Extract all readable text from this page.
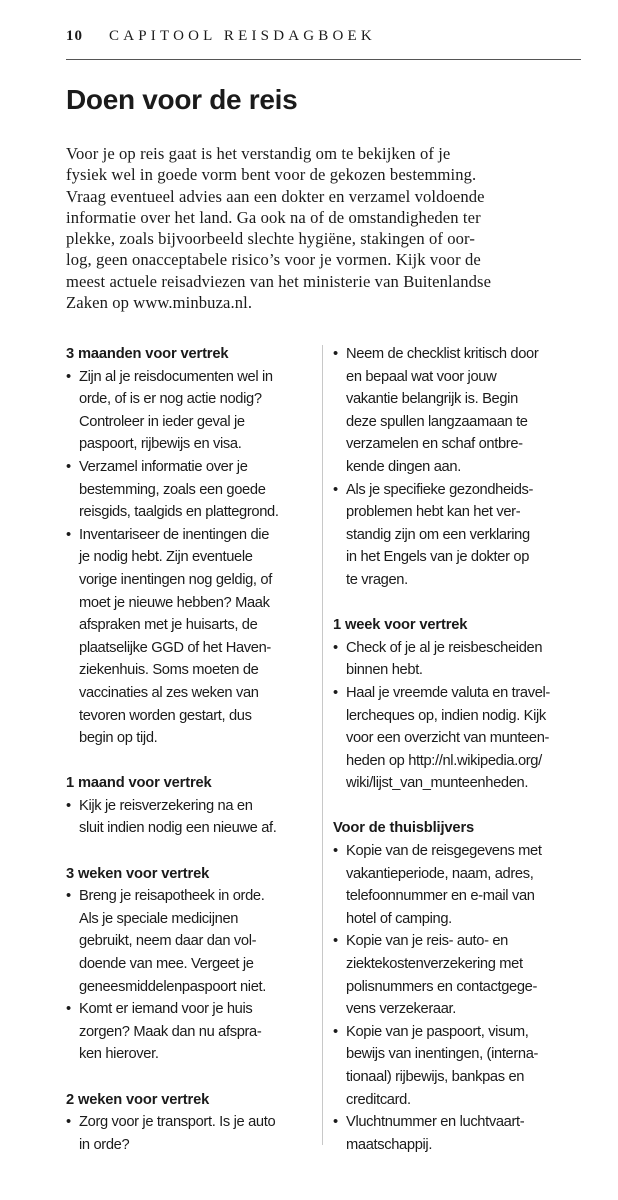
10 CAPITOOL REISDAGBOEK
Doen voor de reis

Voor je op reis gaat is het verstandig om te bekijken of je
fysiek wel in goede vorm bent voor de gekozen bestemming.
Vraag eventueel advies aan een dokter en verzamel voldoende
informatie over het land. Ga ook na of de omstandigheden ter
plekke, zoals bijvoorbeeld slechte hygiëne, stakingen of oor-
log, geen onacceptabele risico’s voor je vormen. Kijk voor de
meest actuele reisadviezen van het ministerie van Buitenlandse
Zaken op www.minbuza.nl.

3 maanden voor vertrek
• Zijn al je reisdocumenten wel in
orde, of is er nog actie nodig?
Controleer in ieder geval je
paspoort, rijbewijs en visa.
• Verzamel informatie over je
bestemming, zoals een goede
reisgids, taalgids en plattegrond.
• Inventariseer de inentingen die
je nodig hebt. Zijn eventuele
vorige inentingen nog geldig, of
moet je nieuwe hebben? Maak
afspraken met je huisarts, de
plaatselijke GGD of het Haven-
ziekenhuis. Soms moeten de
vaccinaties al zes weken van
tevoren worden gestart, dus
begin op tijd.
1 maand voor vertrek
• Kijk je reisverzekering na en
sluit indien nodig een nieuwe af.
3 weken voor vertrek
• Breng je reisapotheek in orde.
Als je speciale medicijnen
gebruikt, neem daar dan vol-
doende van mee. Vergeet je
geneesmiddelenpaspoort niet.
• Komt er iemand voor je huis
zorgen? Maak dan nu afspra-
ken hierover.
2 weken voor vertrek
• Zorg voor je transport. Is je auto
in orde?
• Neem de checklist kritisch door
en bepaal wat voor jouw
vakantie belangrijk is. Begin
deze spullen langzaamaan te
verzamelen en schaf ontbre-
kende dingen aan.
• Als je specifieke gezondheids-
problemen hebt kan het ver-
standig zijn om een verklaring
in het Engels van je dokter op
te vragen.
1 week voor vertrek
• Check of je al je reisbescheiden
binnen hebt.
• Haal je vreemde valuta en travel-
lercheques op, indien nodig. Kijk
voor een overzicht van munteen-
heden op http://nl.wikipedia.org/
wiki/lijst_van_munteenheden.
Voor de thuisblijvers
• Kopie van de reisgegevens met
vakantieperiode, naam, adres,
telefoonnummer en e-mail van
hotel of camping.
• Kopie van je reis- auto- en
ziektekostenverzekering met
polisnummers en contactgege-
vens verzekeraar.
• Kopie van je paspoort, visum,
bewijs van inentingen, (interna-
tionaal) rijbewijs, bankpas en
creditcard.
• Vluchtnummer en luchtvaart-
maatschappij.
